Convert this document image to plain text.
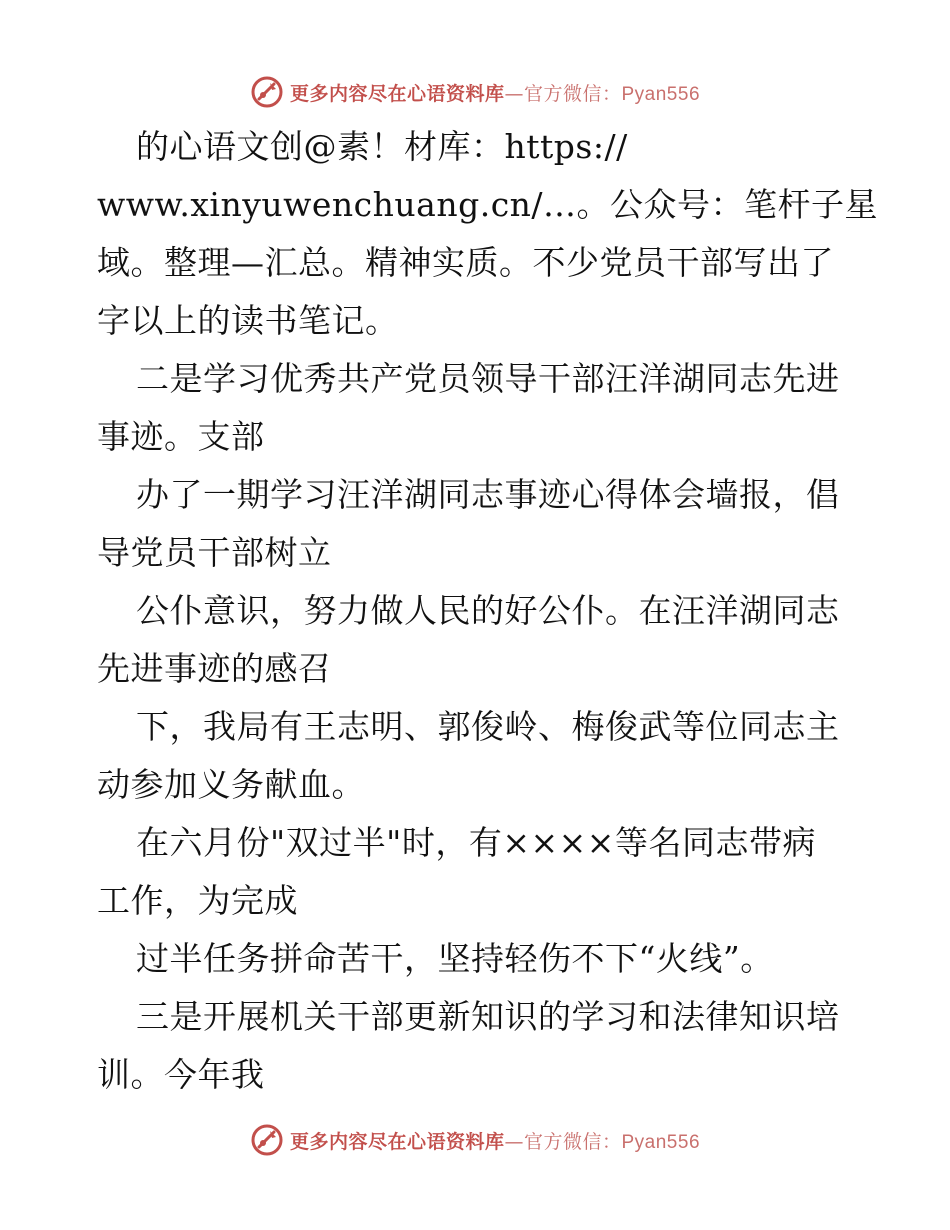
更多内容尽在心语资料库—官方微信：Pyan556
的心语文创@素！材库：https://
www.xinyuwenchuang.cn/…。公众号：笔杆子星
域。整理—汇总。精神实质。不少党员干部写出了
字以上的读书笔记。
二是学习优秀共产党员领导干部汪洋湖同志先进
事迹。支部
办了一期学习汪洋湖同志事迹心得体会墙报，倡
导党员干部树立
公仆意识，努力做人民的好公仆。在汪洋湖同志
先进事迹的感召
下，我局有王志明、郭俊岭、梅俊武等位同志主
动参加义务献血。
在六月份"双过半"时，有××××等名同志带病
工作，为完成
过半任务拼命苦干，坚持轻伤不下“火线”。
三是开展机关干部更新知识的学习和法律知识培
训。今年我
更多内容尽在心语资料库—官方微信：Pyan556
